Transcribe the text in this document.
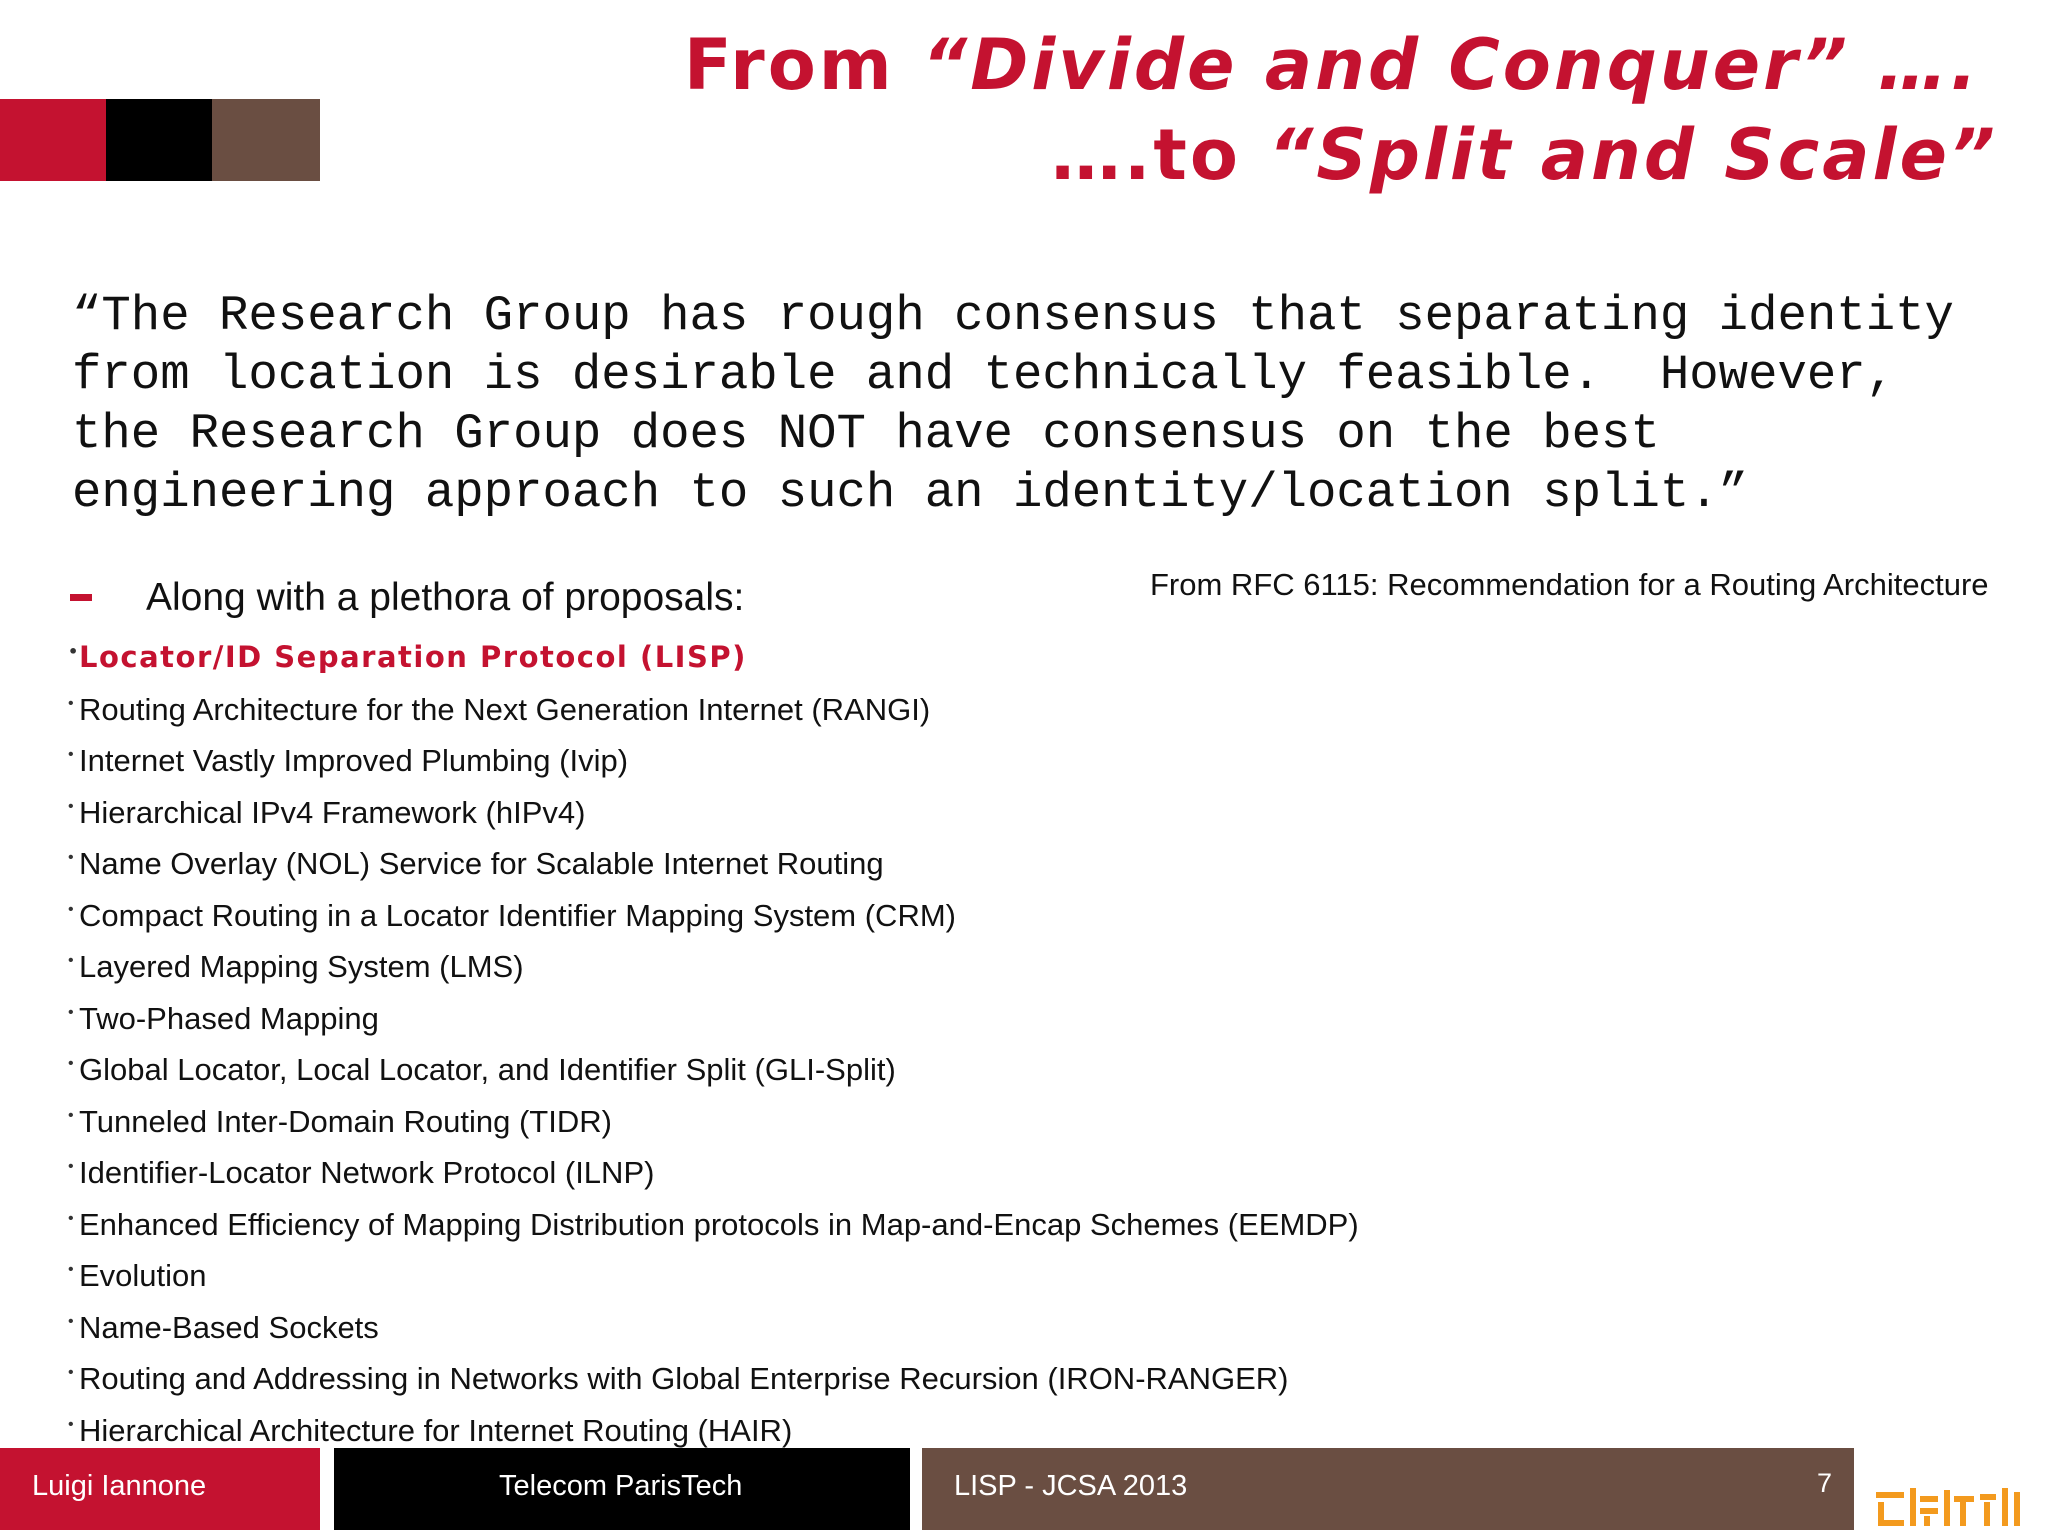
From “Divide and Conquer” ….
….to “Split and Scale”
“The Research Group has rough consensus that separating identity
from location is desirable and technically feasible.  However,
the Research Group does NOT have consensus on the best
engineering approach to such an identity/location split.”
Along with a plethora of proposals:	From RFC 6115: Recommendation for a Routing Architecture
• Locator/ID Separation Protocol (LISP)
• Routing Architecture for the Next Generation Internet (RANGI)
• Internet Vastly Improved Plumbing (Ivip)
• Hierarchical IPv4 Framework (hIPv4)
• Name Overlay (NOL) Service for Scalable Internet Routing
• Compact Routing in a Locator Identifier Mapping System (CRM)
• Layered Mapping System (LMS)
• Two-Phased Mapping
• Global Locator, Local Locator, and Identifier Split (GLI-Split)
• Tunneled Inter-Domain Routing (TIDR)
• Identifier-Locator Network Protocol (ILNP)
• Enhanced Efficiency of Mapping Distribution protocols in Map-and-Encap Schemes (EEMDP)
• Evolution
• Name-Based Sockets
• Routing and Addressing in Networks with Global Enterprise Recursion (IRON-RANGER)
• Hierarchical Architecture for Internet Routing (HAIR)
Luigi Iannone	Telecom ParisTech	LISP - JCSA 2013	7
